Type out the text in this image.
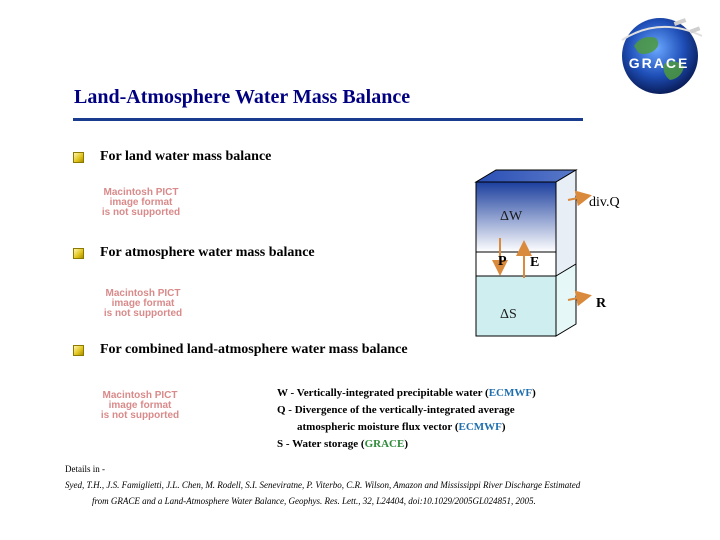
GRACE
Land-Atmosphere Water Mass Balance
For land water mass balance
Macintosh PICT
image format
is not supported
For atmosphere water mass balance
Macintosh PICT
image format
is not supported
For combined land-atmosphere water mass balance
Macintosh PICT
image format
is not supported
ΔW
ΔS
P E
div.Q
R
W - Vertically-integrated precipitable water (ECMWF)
Q - Divergence of the vertically-integrated average
atmospheric moisture flux vector (ECMWF)
S - Water storage (GRACE)
Details in -
Syed, T.H., J.S. Famiglietti, J.L. Chen, M. Rodell, S.I. Seneviratne, P. Viterbo, C.R. Wilson, Amazon and Mississippi River Discharge Estimated
from GRACE and a Land-Atmosphere Water Balance, Geophys. Res. Lett., 32, L24404, doi:10.1029/2005GL024851, 2005.
